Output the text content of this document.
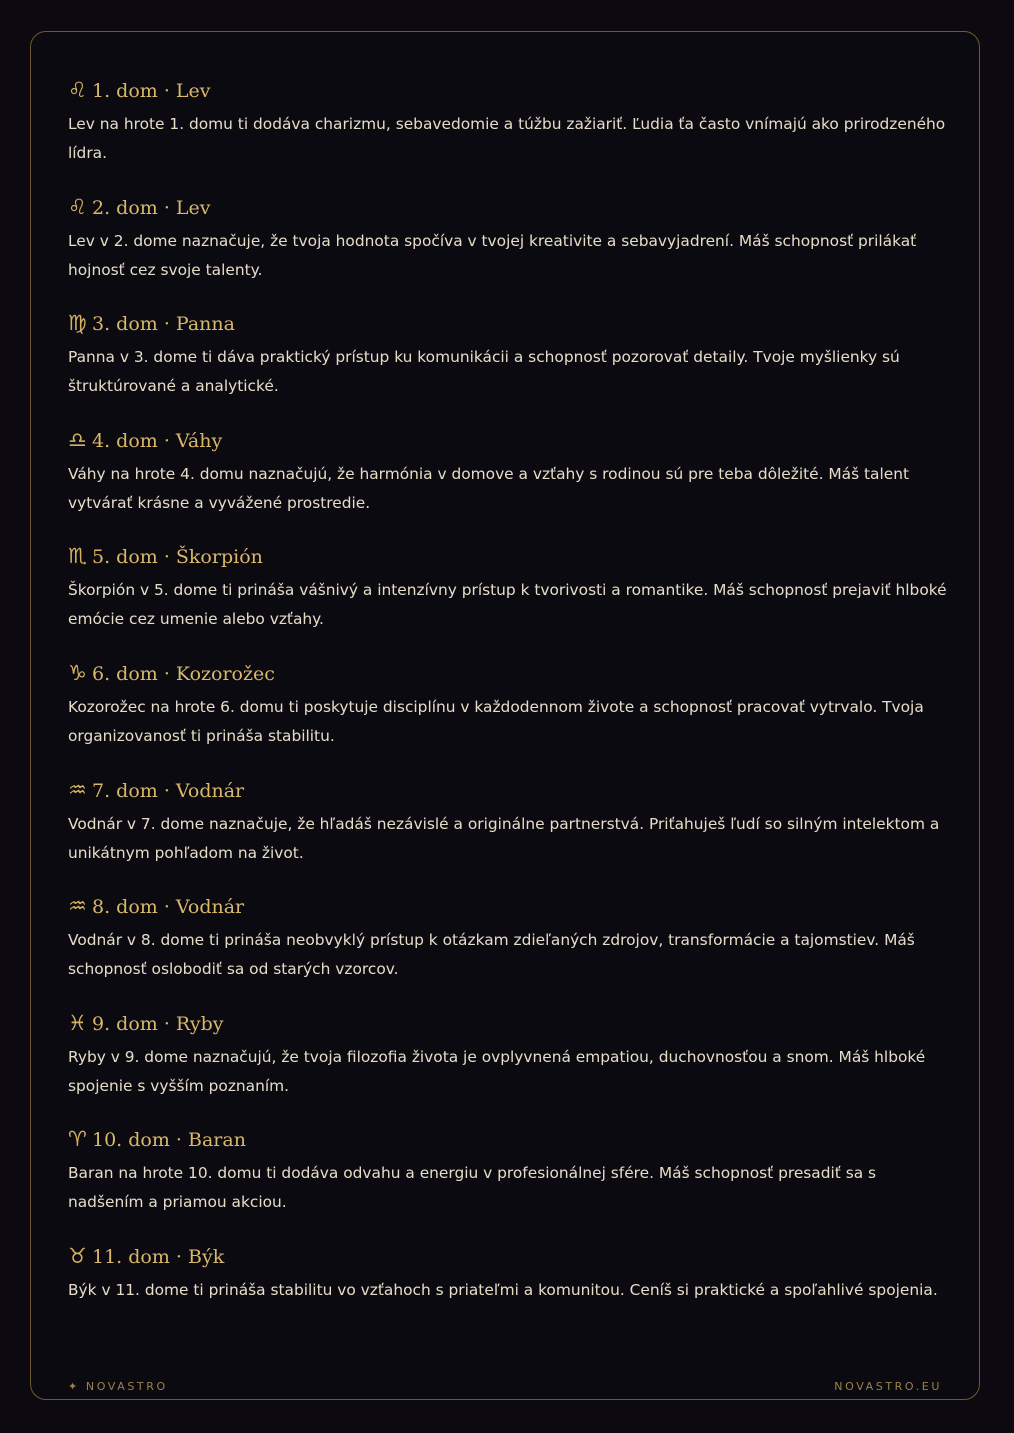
♌ 1. dom · Lev
Lev na hrote 1. domu ti dodáva charizmu, sebavedomie a túžbu zažiariť. Ľudia ťa často vnímajú ako prirodzeného lídra.
♌ 2. dom · Lev
Lev v 2. dome naznačuje, že tvoja hodnota spočíva v tvojej kreativite a sebavyjadrení. Máš schopnosť prilákať hojnosť cez svoje talenty.
♍ 3. dom · Panna
Panna v 3. dome ti dáva praktický prístup ku komunikácii a schopnosť pozorovať detaily. Tvoje myšlienky sú štruktúrované a analytické.
♎ 4. dom · Váhy
Váhy na hrote 4. domu naznačujú, že harmónia v domove a vzťahy s rodinou sú pre teba dôležité. Máš talent vytvárať krásne a vyvážené prostredie.
♏ 5. dom · Škorpión
Škorpión v 5. dome ti prináša vášnivý a intenzívny prístup k tvorivosti a romantike. Máš schopnosť prejaviť hlboké emócie cez umenie alebo vzťahy.
♑ 6. dom · Kozorožec
Kozorožec na hrote 6. domu ti poskytuje disciplínu v každodennom živote a schopnosť pracovať vytrvalo. Tvoja organizovanosť ti prináša stabilitu.
♒ 7. dom · Vodnár
Vodnár v 7. dome naznačuje, že hľadáš nezávislé a originálne partnerstvá. Priťahuješ ľudí so silným intelektom a unikátnym pohľadom na život.
♒ 8. dom · Vodnár
Vodnár v 8. dome ti prináša neobvyklý prístup k otázkam zdieľaných zdrojov, transformácie a tajomstiev. Máš schopnosť oslobodiť sa od starých vzorcov.
♓ 9. dom · Ryby
Ryby v 9. dome naznačujú, že tvoja filozofia života je ovplyvnená empatiou, duchovnosťou a snom. Máš hlboké spojenie s vyšším poznaním.
♈ 10. dom · Baran
Baran na hrote 10. domu ti dodáva odvahu a energiu v profesionálnej sfére. Máš schopnosť presadiť sa s nadšením a priamou akciou.
♉ 11. dom · Býk
Býk v 11. dome ti prináša stabilitu vo vzťahoch s priateľmi a komunitou. Ceníš si praktické a spoľahlivé spojenia.
✦ NOVASTRO	NOVASTRO.EU
